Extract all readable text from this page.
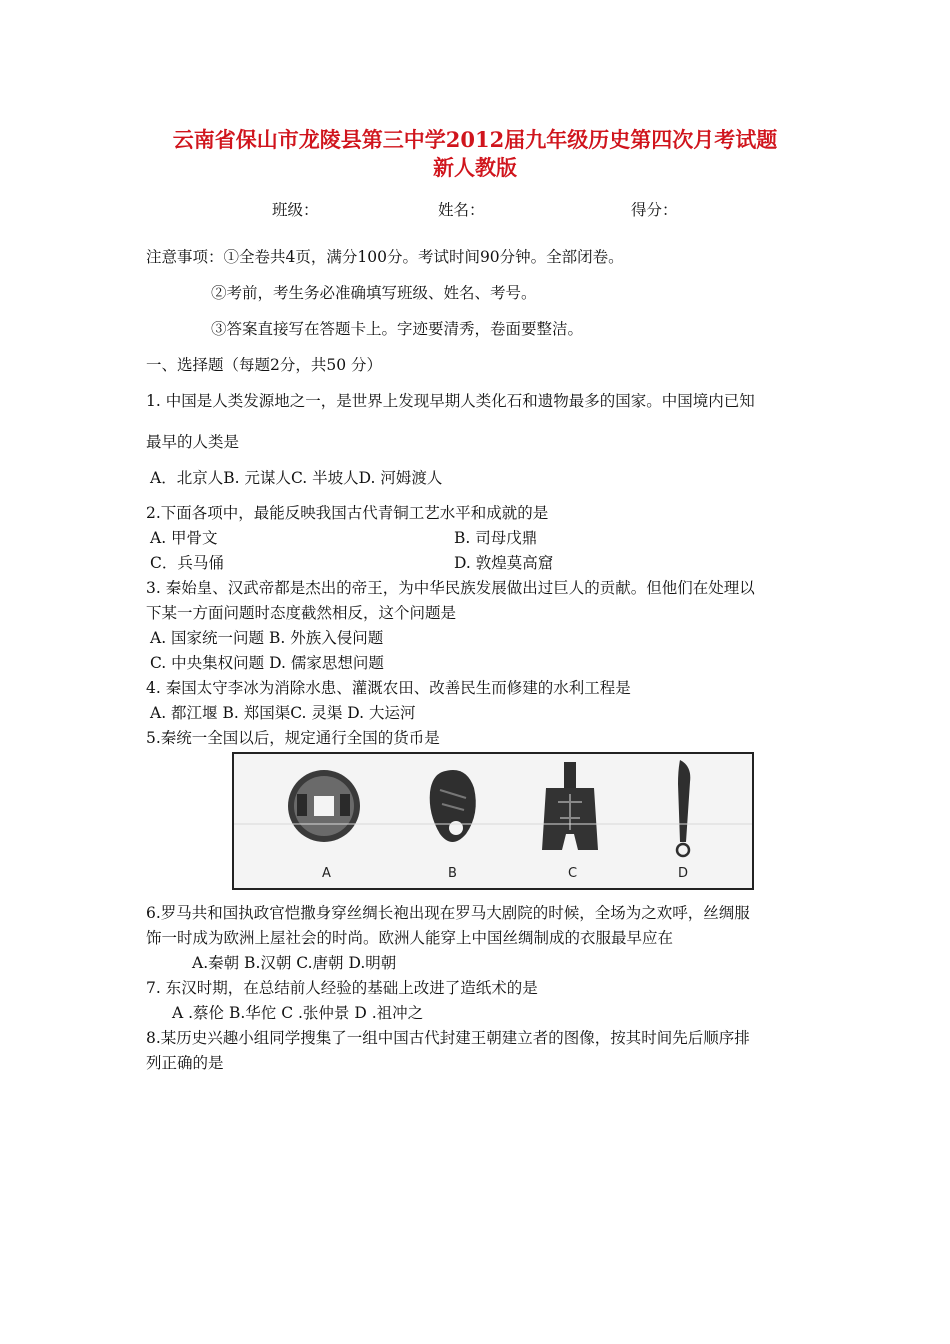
云南省保山市龙陵县第三中学2012届九年级历史第四次月考试题
新人教版
班级：	姓名：	得分：
注意事项：①全卷共4页，满分100分。考试时间90分钟。全部闭卷。
②考前，考生务必准确填写班级、姓名、考号。
③答案直接写在答题卡上。字迹要清秀，卷面要整洁。
一、选择题（每题2分，共50 分）
1. 中国是人类发源地之一，是世界上发现早期人类化石和遗物最多的国家。中国境内已知
最早的人类是
A．北京人B. 元谋人C. 半坡人D. 河姆渡人
2.下面各项中，最能反映我国古代青铜工艺水平和成就的是
A. 甲骨文	B. 司母戊鼎
C．兵马俑	D. 敦煌莫高窟
3. 秦始皇、汉武帝都是杰出的帝王，为中华民族发展做出过巨人的贡献。但他们在处理以
下某一方面问题时态度截然相反，这个问题是
A. 国家统一问题 B. 外族入侵问题
C. 中央集权问题 D. 儒家思想问题
4. 秦国太守李冰为消除水患、灌溉农田、改善民生而修建的水利工程是
A. 都江堰 B. 郑国渠C. 灵渠 D. 大运河
5.秦统一全国以后，规定通行全国的货币是
A	B	C	D
6.罗马共和国执政官恺撒身穿丝绸长袍出现在罗马大剧院的时候，全场为之欢呼，丝绸服
饰一时成为欧洲上屋社会的时尚。欧洲人能穿上中国丝绸制成的衣服最早应在
A.秦朝 B.汉朝 C.唐朝 D.明朝
7. 东汉时期，在总结前人经验的基础上改进了造纸术的是
A .蔡伦 B.华佗 C .张仲景 D .祖冲之
8.某历史兴趣小组同学搜集了一组中国古代封建王朝建立者的图像，按其时间先后顺序排
列正确的是
